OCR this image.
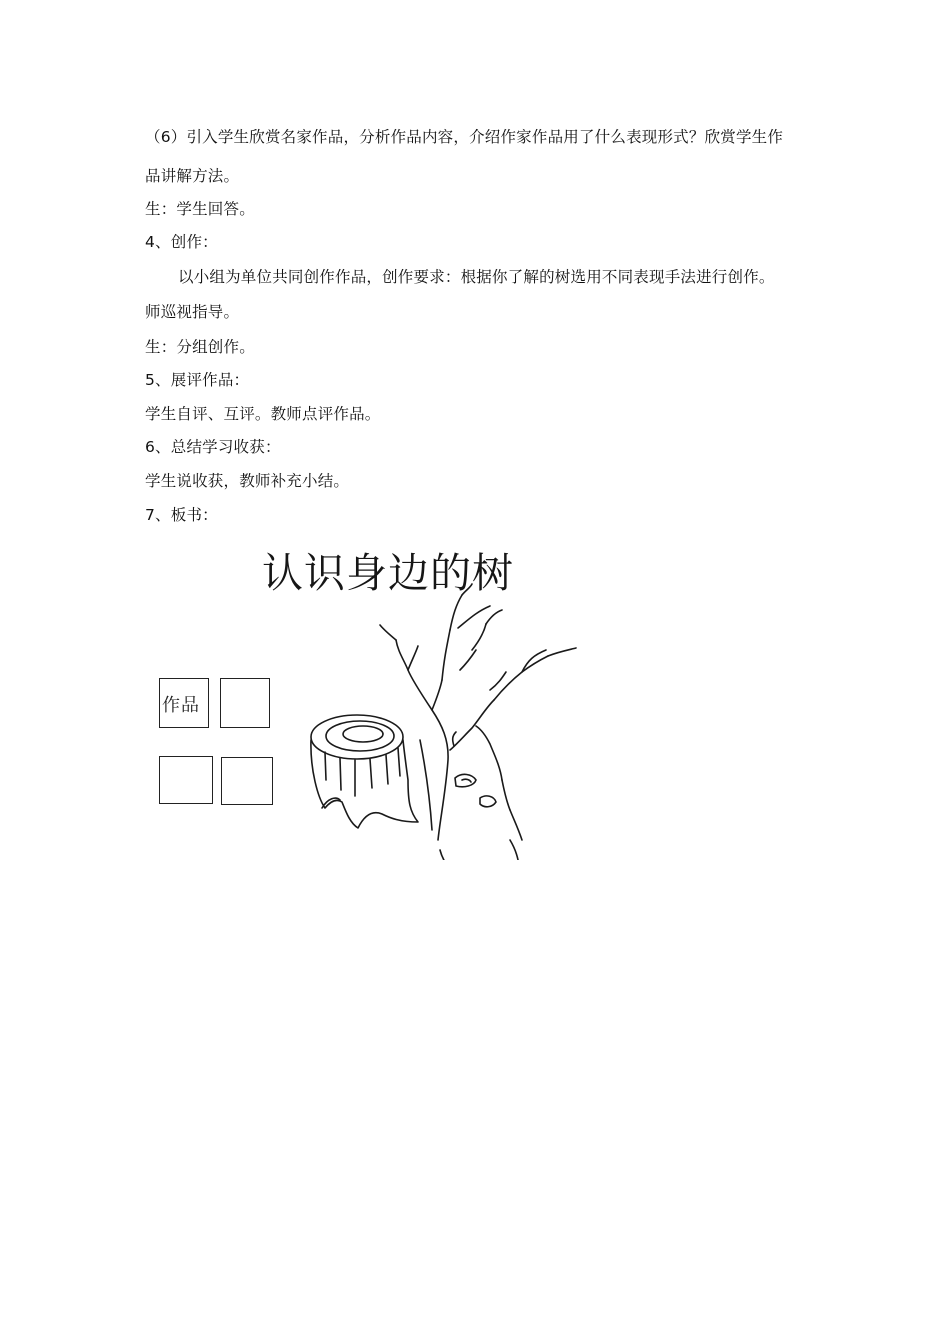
（6）引入学生欣赏名家作品，分析作品内容，介绍作家作品用了什么表现形式？欣赏学生作
品讲解方法。
生：学生回答。
4、创作：
以小组为单位共同创作作品，创作要求：根据你了解的树选用不同表现手法进行创作。
师巡视指导。
生：分组创作。
5、展评作品：
学生自评、互评。教师点评作品。
6、总结学习收获：
学生说收获，教师补充小结。
7、板书：
认识身边的树
作品
